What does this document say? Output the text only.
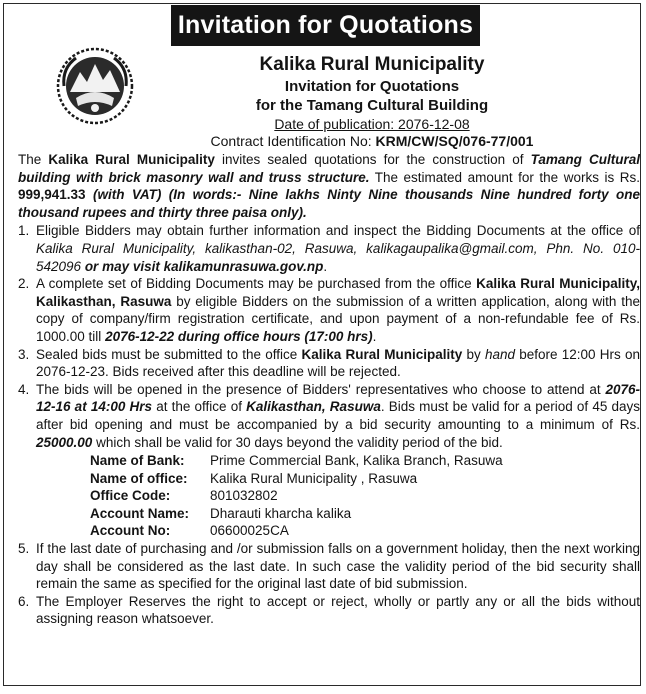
Invitation for Quotations
Kalika Rural Municipality
Invitation for Quotations
for the Tamang Cultural Building
Date of publication: 2076-12-08
Contract Identification No: KRM/CW/SQ/076-77/001

The Kalika Rural Municipality invites sealed quotations for the construction of Tamang Cultural building with brick masonry wall and truss structure. The estimated amount for the works is Rs. 999,941.33 (with VAT) (In words:- Nine lakhs Ninty Nine thousands Nine hundred forty one thousand rupees and thirty three paisa only).

1. Eligible Bidders may obtain further information and inspect the Bidding Documents at the office of Kalika Rural Municipality, kalikasthan-02, Rasuwa, kalikagaupalika@gmail.com, Phn. No. 010-542096 or may visit kalikamunrasuwa.gov.np.
2. A complete set of Bidding Documents may be purchased from the office Kalika Rural Municipality, Kalikasthan, Rasuwa by eligible Bidders on the submission of a written application, along with the copy of company/firm registration certificate, and upon payment of a non-refundable fee of Rs. 1000.00 till 2076-12-22 during office hours (17:00 hrs).
3. Sealed bids must be submitted to the office Kalika Rural Municipality by hand before 12:00 Hrs on 2076-12-23. Bids received after this deadline will be rejected.
4. The bids will be opened in the presence of Bidders' representatives who choose to attend at 2076-12-16 at 14:00 Hrs at the office of Kalikasthan, Rasuwa. Bids must be valid for a period of 45 days after bid opening and must be accompanied by a bid security amounting to a minimum of Rs. 25000.00 which shall be valid for 30 days beyond the validity period of the bid.
Name of Bank:	Prime Commercial Bank, Kalika Branch, Rasuwa
Name of office:	Kalika Rural Municipality , Rasuwa
Office Code:	801032802
Account Name:	Dharauti kharcha kalika
Account No:	06600025CA
5. If the last date of purchasing and /or submission falls on a government holiday, then the next working day shall be considered as the last date. In such case the validity period of the bid security shall remain the same as specified for the original last date of bid submission.
6. The Employer Reserves the right to accept or reject, wholly or partly any or all the bids without assigning reason whatsoever.
